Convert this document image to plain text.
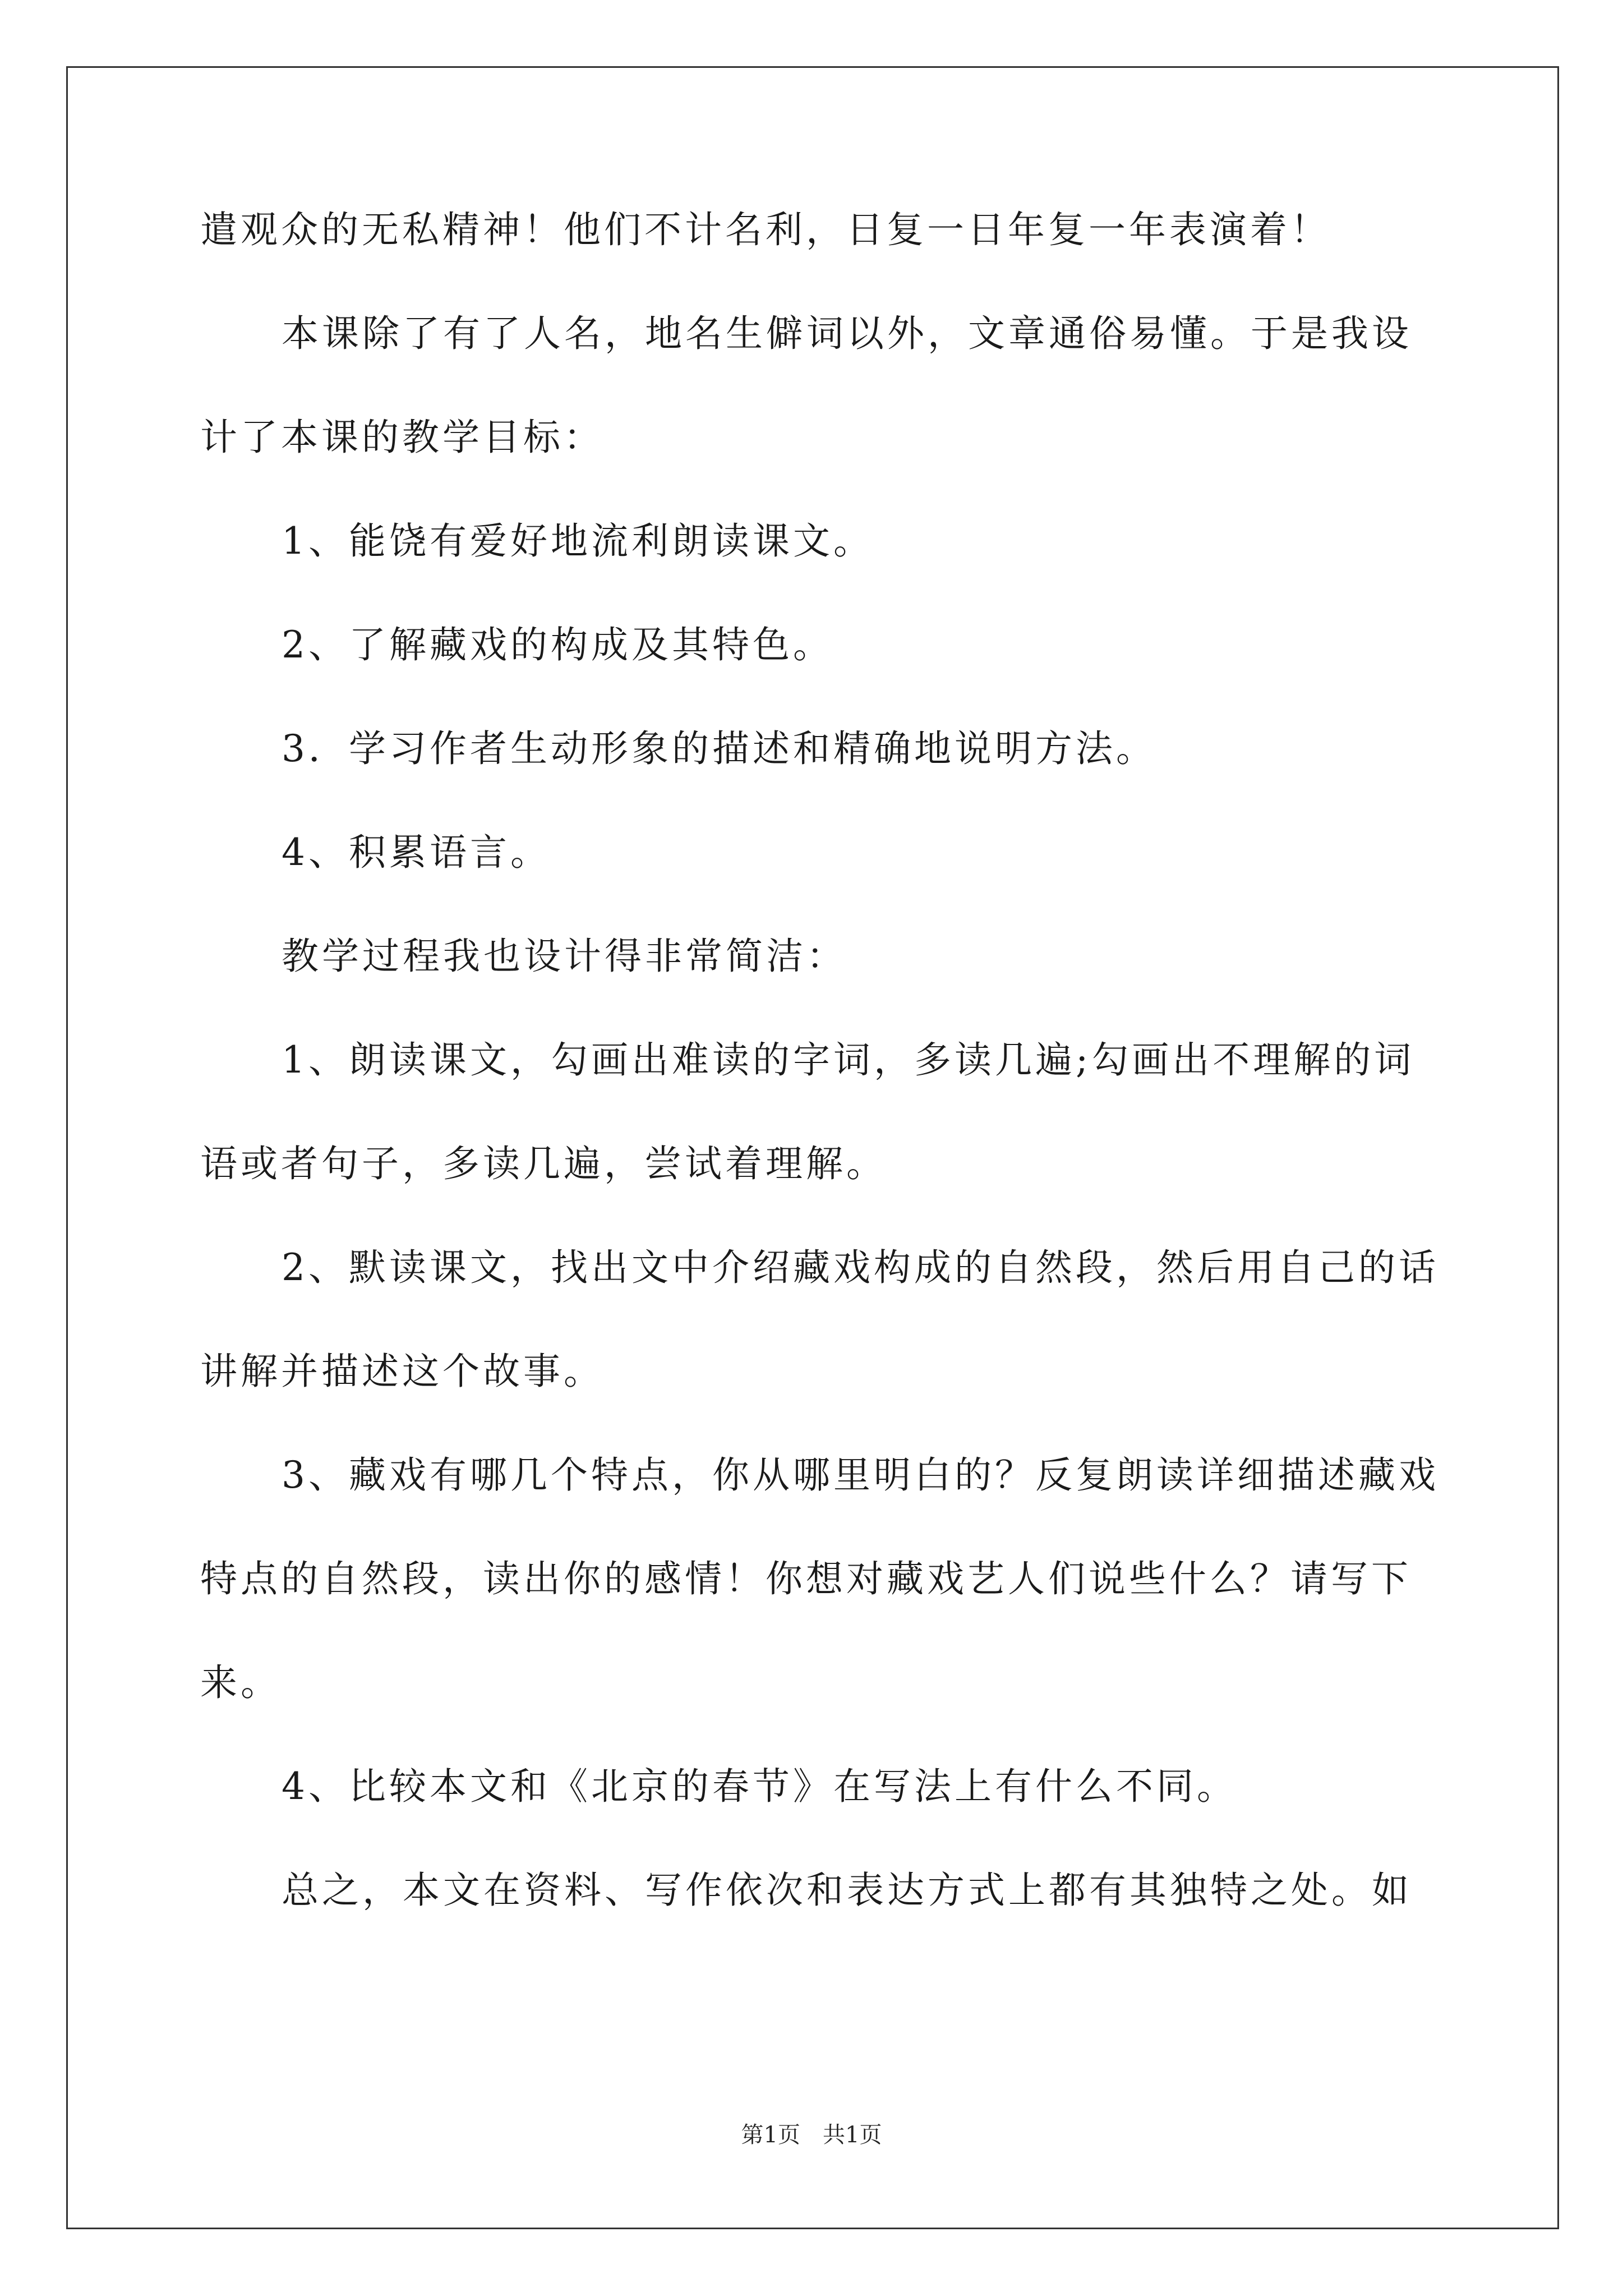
遣观众的无私精神！他们不计名利，日复一日年复一年表演着！
本课除了有了人名，地名生僻词以外，文章通俗易懂。于是我设
计了本课的教学目标：
1、能饶有爱好地流利朗读课文。
2、了解藏戏的构成及其特色。
3．学习作者生动形象的描述和精确地说明方法。
4、积累语言。
教学过程我也设计得非常简洁：
1、朗读课文，勾画出难读的字词，多读几遍;勾画出不理解的词
语或者句子，多读几遍，尝试着理解。
2、默读课文，找出文中介绍藏戏构成的自然段，然后用自己的话
讲解并描述这个故事。
3、藏戏有哪几个特点，你从哪里明白的？反复朗读详细描述藏戏
特点的自然段，读出你的感情！你想对藏戏艺人们说些什么？请写下
来。
4、比较本文和《北京的春节》在写法上有什么不同。
总之，本文在资料、写作依次和表达方式上都有其独特之处。如
第1页　共1页
